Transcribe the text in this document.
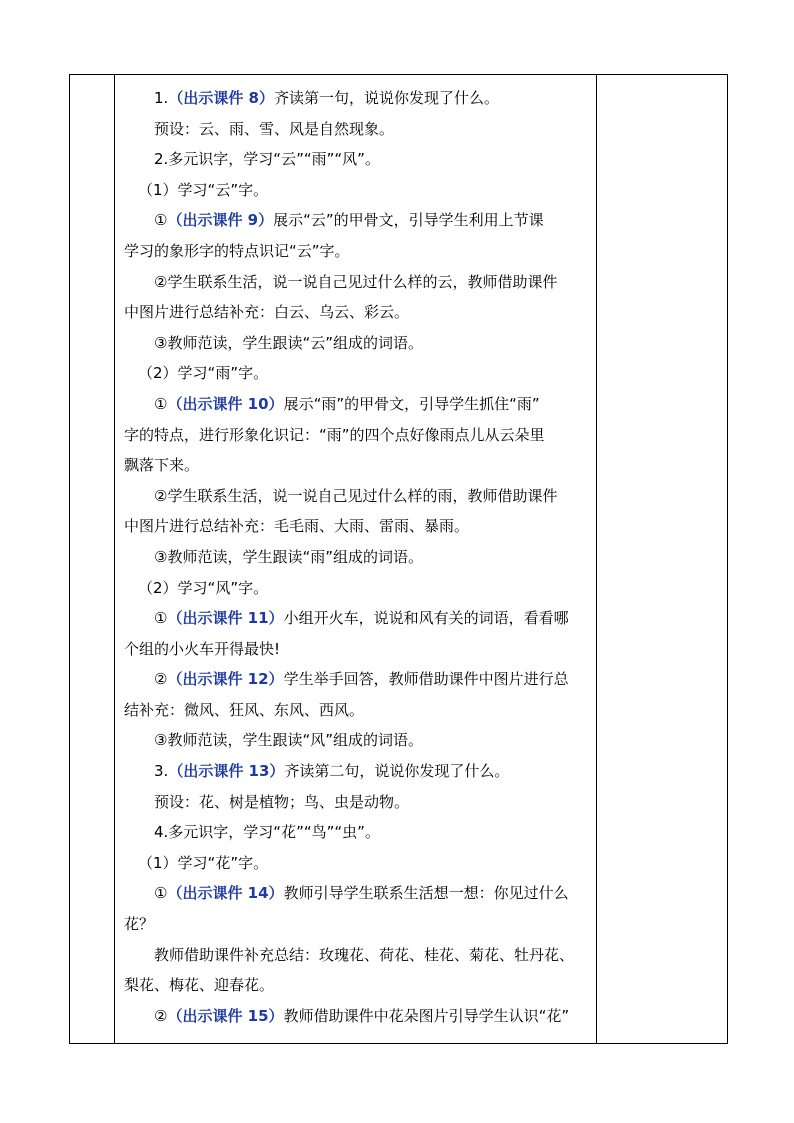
1.（出示课件 8）齐读第一句，说说你发现了什么。
预设：云、雨、雪、风是自然现象。
2.多元识字，学习“云”“雨”“风”。
（1）学习“云”字。
①（出示课件 9）展示“云”的甲骨文，引导学生利用上节课
学习的象形字的特点识记“云”字。
②学生联系生活，说一说自己见过什么样的云，教师借助课件
中图片进行总结补充：白云、乌云、彩云。
③教师范读，学生跟读“云”组成的词语。
（2）学习“雨”字。
①（出示课件 10）展示“雨”的甲骨文，引导学生抓住“雨”
字的特点，进行形象化识记：“雨”的四个点好像雨点儿从云朵里
飘落下来。
②学生联系生活，说一说自己见过什么样的雨，教师借助课件
中图片进行总结补充：毛毛雨、大雨、雷雨、暴雨。
③教师范读，学生跟读“雨”组成的词语。
（2）学习“风”字。
①（出示课件 11）小组开火车，说说和风有关的词语，看看哪
个组的小火车开得最快!
②（出示课件 12）学生举手回答，教师借助课件中图片进行总
结补充：微风、狂风、东风、西风。
③教师范读，学生跟读“风”组成的词语。
3.（出示课件 13）齐读第二句，说说你发现了什么。
预设：花、树是植物；鸟、虫是动物。
4.多元识字，学习“花”“鸟”“虫”。
（1）学习“花”字。
①（出示课件 14）教师引导学生联系生活想一想：你见过什么
花？
教师借助课件补充总结：玫瑰花、荷花、桂花、菊花、牡丹花、
梨花、梅花、迎春花。
②（出示课件 15）教师借助课件中花朵图片引导学生认识“花”
